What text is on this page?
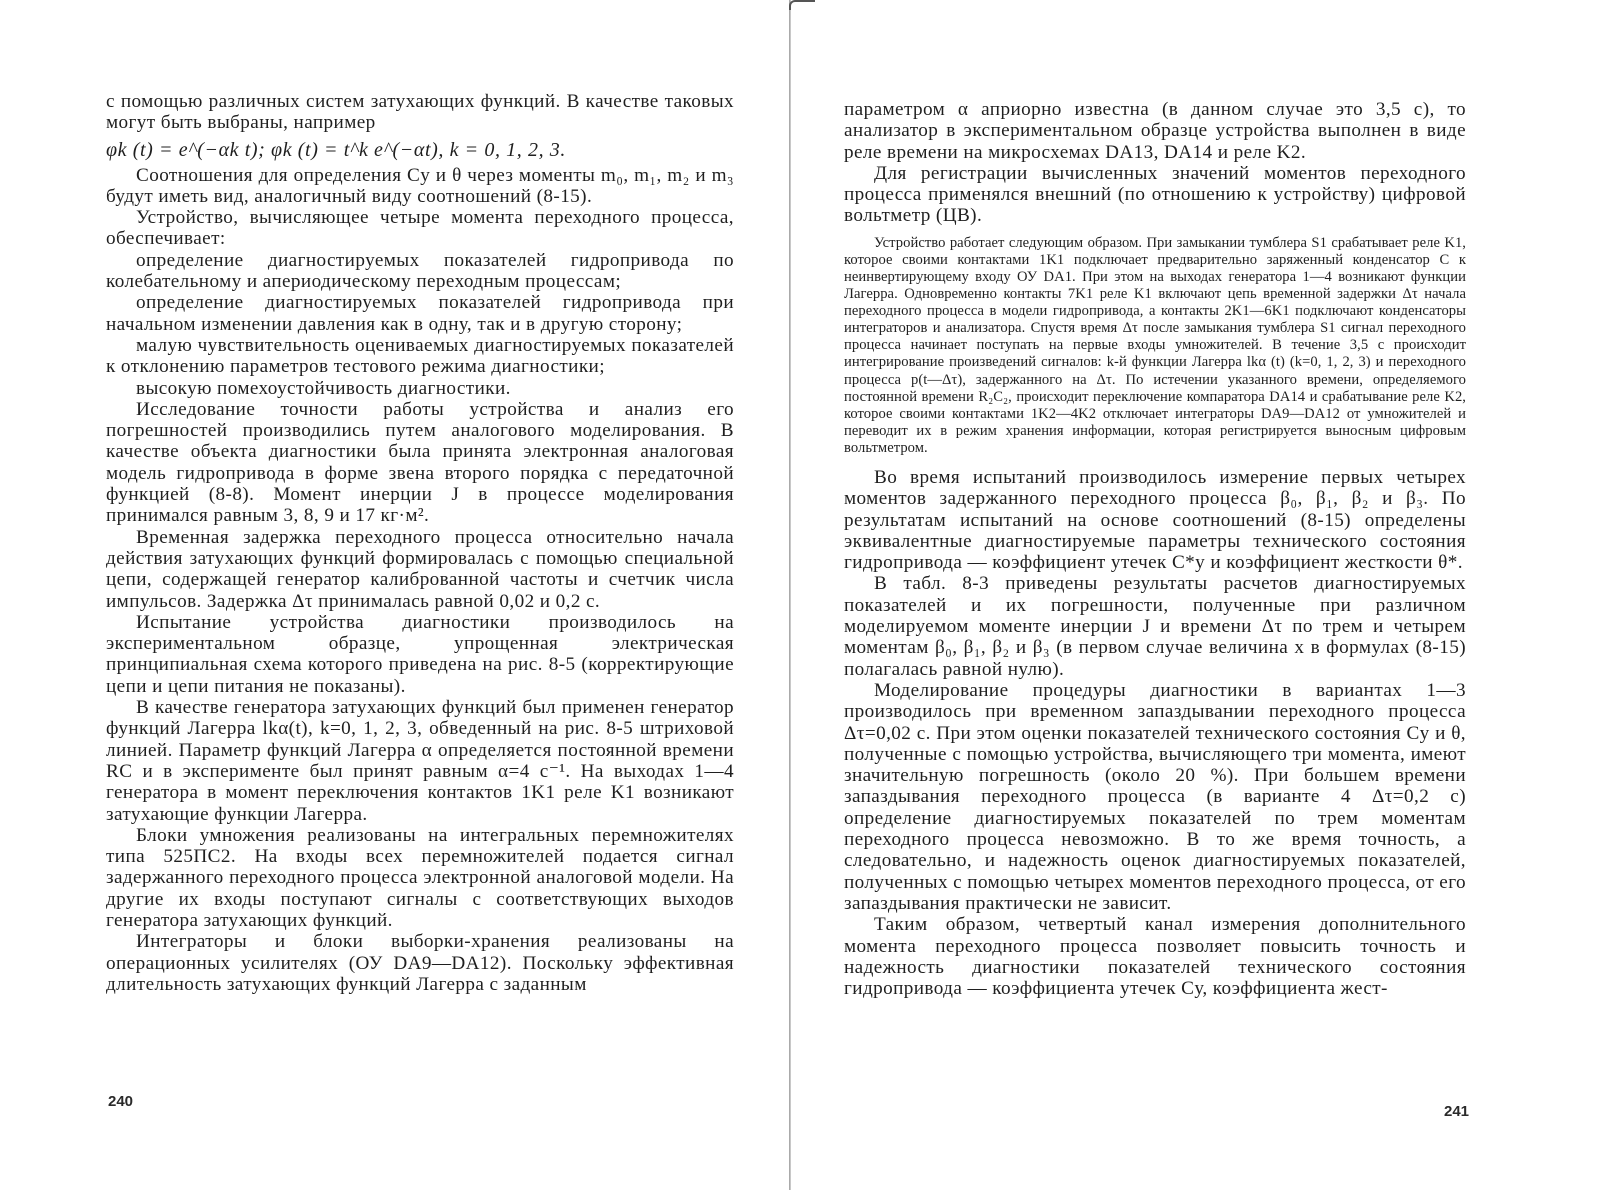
с помощью различных систем затухающих функций. В качестве таковых могут быть выбраны, например

φk (t) = e^(−αk t); φk (t) = t^k e^(−αt), k = 0, 1, 2, 3.

Соотношения для определения Cу и θ через моменты m₀, m₁, m₂ и m₃ будут иметь вид, аналогичный виду соотношений (8-15).

Устройство, вычисляющее четыре момента переходного процесса, обеспечивает:

определение диагностируемых показателей гидропривода по колебательному и апериодическому переходным процессам;

определение диагностируемых показателей гидропривода при начальном изменении давления как в одну, так и в другую сторону;

малую чувствительность оцениваемых диагностируемых показателей к отклонению параметров тестового режима диагностики;

высокую помехоустойчивость диагностики.

Исследование точности работы устройства и анализ его погрешностей производились путем аналогового моделирования. В качестве объекта диагностики была принята электронная аналоговая модель гидропривода в форме звена второго порядка с передаточной функцией (8-8). Момент инерции J в процессе моделирования принимался равным 3, 8, 9 и 17 кг·м².

Временная задержка переходного процесса относительно начала действия затухающих функций формировалась с помощью специальной цепи, содержащей генератор калиброванной частоты и счетчик числа импульсов. Задержка Δτ принималась равной 0,02 и 0,2 с.

Испытание устройства диагностики производилось на экспериментальном образце, упрощенная электрическая принципиальная схема которого приведена на рис. 8-5 (корректирующие цепи и цепи питания не показаны).

В качестве генератора затухающих функций был применен генератор функций Лагерра lkα(t), k=0, 1, 2, 3, обведенный на рис. 8-5 штриховой линией. Параметр функций Лагерра α определяется постоянной времени RC и в эксперименте был принят равным α=4 с⁻¹. На выходах 1—4 генератора в момент переключения контактов 1K1 реле K1 возникают затухающие функции Лагерра.

Блоки умножения реализованы на интегральных перемножителях типа 525ПС2. На входы всех перемножителей подается сигнал задержанного переходного процесса электронной аналоговой модели. На другие их входы поступают сигналы с соответствующих выходов генератора затухающих функций.

Интеграторы и блоки выборки-хранения реализованы на операционных усилителях (ОУ DA9—DA12). Поскольку эффективная длительность затухающих функций Лагерра с заданным

240

параметром α априорно известна (в данном случае это 3,5 с), то анализатор в экспериментальном образце устройства выполнен в виде реле времени на микросхемах DA13, DA14 и реле K2.

Для регистрации вычисленных значений моментов переходного процесса применялся внешний (по отношению к устройству) цифровой вольтметр (ЦВ).

Устройство работает следующим образом. При замыкании тумблера S1 срабатывает реле K1, которое своими контактами 1K1 подключает предварительно заряженный конденсатор C к неинвертирующему входу ОУ DA1. При этом на выходах генератора 1—4 возникают функции Лагерра. Одновременно контакты 7K1 реле K1 включают цепь временной задержки Δτ начала переходного процесса в модели гидропривода, а контакты 2K1—6K1 подключают конденсаторы интеграторов и анализатора. Спустя время Δτ после замыкания тумблера S1 сигнал переходного процесса начинает поступать на первые входы умножителей. В течение 3,5 с происходит интегрирование произведений сигналов: k-й функции Лагерра lkα (t) (k=0, 1, 2, 3) и переходного процесса p(t—Δτ), задержанного на Δτ. По истечении указанного времени, определяемого постоянной времени R₂C₂, происходит переключение компаратора DA14 и срабатывание реле K2, которое своими контактами 1K2—4K2 отключает интеграторы DA9—DA12 от умножителей и переводит их в режим хранения информации, которая регистрируется выносным цифровым вольтметром.

Во время испытаний производилось измерение первых четырех моментов задержанного переходного процесса β₀, β₁, β₂ и β₃. По результатам испытаний на основе соотношений (8-15) определены эквивалентные диагностируемые параметры технического состояния гидропривода — коэффициент утечек C*у и коэффициент жесткости θ*.

В табл. 8-3 приведены результаты расчетов диагностируемых показателей и их погрешности, полученные при различном моделируемом моменте инерции J и времени Δτ по трем и четырем моментам β₀, β₁, β₂ и β₃ (в первом случае величина x в формулах (8-15) полагалась равной нулю).

Моделирование процедуры диагностики в вариантах 1—3 производилось при временном запаздывании переходного процесса Δτ=0,02 с. При этом оценки показателей технического состояния Cу и θ, полученные с помощью устройства, вычисляющего три момента, имеют значительную погрешность (около 20 %). При большем времени запаздывания переходного процесса (в варианте 4 Δτ=0,2 с) определение диагностируемых показателей по трем моментам переходного процесса невозможно. В то же время точность, а следовательно, и надежность оценок диагностируемых показателей, полученных с помощью четырех моментов переходного процесса, от его запаздывания практически не зависит.

Таким образом, четвертый канал измерения дополнительного момента переходного процесса позволяет повысить точность и надежность диагностики показателей технического состояния гидропривода — коэффициента утечек Cу, коэффициента жест-

241
